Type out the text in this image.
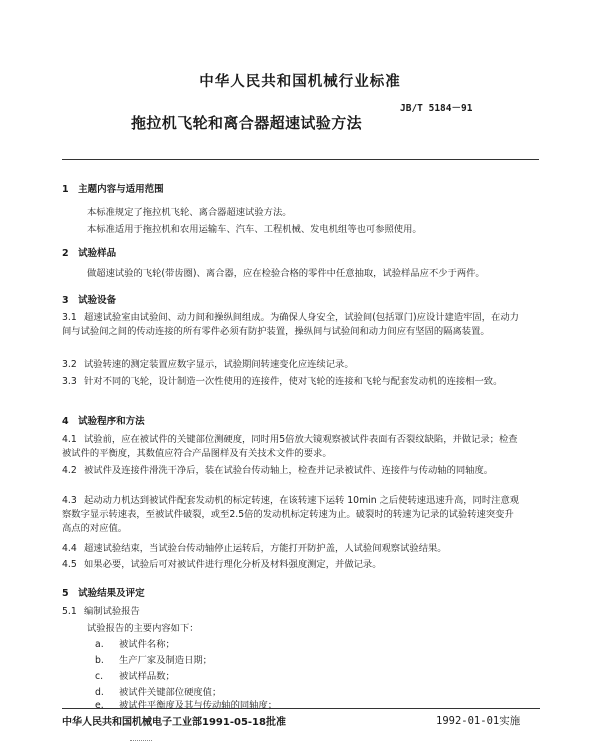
中华人民共和国机械行业标准
JB/T 5184－91
拖拉机飞轮和离合器超速试验方法
1　主题内容与适用范围
本标准规定了拖拉机飞轮、离合器超速试验方法。
本标准适用于拖拉机和农用运输车、汽车、工程机械、发电机组等也可参照使用。
2　试验样品
做超速试验的飞轮(带齿圈)、离合器，应在检验合格的零件中任意抽取，试验样品应不少于两件。
3　试验设备
3.1 超速试验室由试验间、动力间和操纵间组成。为确保人身安全，试验间(包括罩门)应设计建造牢固，在动力间与试验间之间的传动连接的所有零件必须有防护装置，操纵间与试验间和动力间应有坚固的隔离装置。
3.2 试验转速的测定装置应数字显示，试验期间转速变化应连续记录。
3.3 针对不同的飞轮，设计制造一次性使用的连接件，使对飞轮的连接和飞轮与配套发动机的连接相一致。
4　试验程序和方法
4.1 试验前，应在被试件的关键部位测硬度，同时用5倍放大镜观察被试件表面有否裂纹缺陷，并做记录；检查被试件的平衡度，其数值应符合产品图样及有关技术文件的要求。
4.2 被试件及连接件滑洗干净后，装在试验台传动轴上，检查并记录被试件、连接件与传动轴的同轴度。
4.3 起动动力机达到被试件配套发动机的标定转速，在该转速下运转 10min 之后使转速迅速升高，同时注意观察数字显示转速表，至被试件破裂，或至2.5倍的发动机标定转速为止。破裂时的转速为记录的试验转速突变升高点的对应值。
4.4 超速试验结束，当试验台传动轴停止运转后，方能打开防护盖，人试验间观察试验结果。
4.5 如果必要，试验后可对被试件进行理化分析及材料强度测定，并做记录。
5　试验结果及评定
5.1 编制试验报告
试验报告的主要内容如下：
a. 被试件名称；
b. 生产厂家及制造日期；
c. 被试样品数；
d. 被试件关键部位硬度值；
e. 被试件平衡度及其与传动轴的同轴度；
中华人民共和国机械电子工业部1991-05-18批准	1992-01-01实施
